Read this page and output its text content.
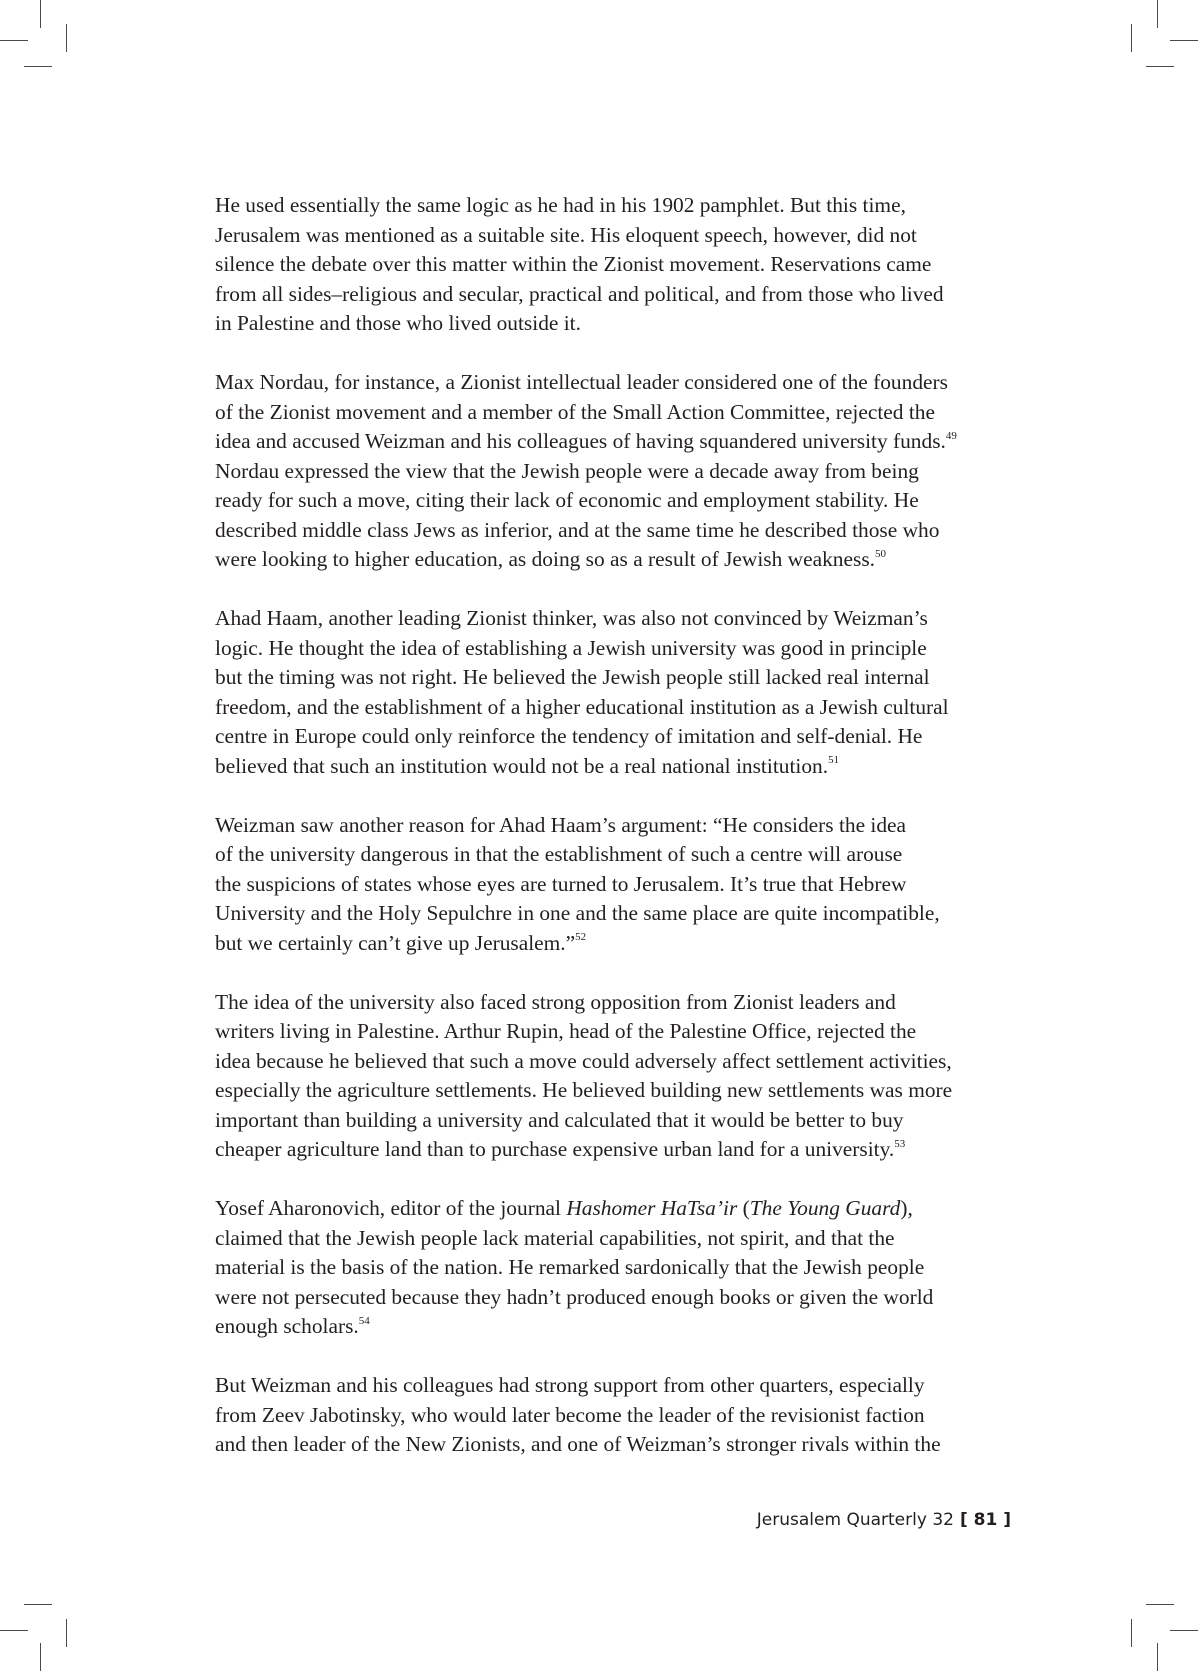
He used essentially the same logic as he had in his 1902 pamphlet. But this time,
Jerusalem was mentioned as a suitable site. His eloquent speech, however, did not
silence the debate over this matter within the Zionist movement. Reservations came
from all sides–religious and secular, practical and political, and from those who lived
in Palestine and those who lived outside it.

Max Nordau, for instance, a Zionist intellectual leader considered one of the founders
of the Zionist movement and a member of the Small Action Committee, rejected the
idea and accused Weizman and his colleagues of having squandered university funds.$^{49}$
Nordau expressed the view that the Jewish people were a decade away from being
ready for such a move, citing their lack of economic and employment stability. He
described middle class Jews as inferior, and at the same time he described those who
were looking to higher education, as doing so as a result of Jewish weakness.$^{50}$

Ahad Haam, another leading Zionist thinker, was also not convinced by Weizman’s
logic. He thought the idea of establishing a Jewish university was good in principle
but the timing was not right. He believed the Jewish people still lacked real internal
freedom, and the establishment of a higher educational institution as a Jewish cultural
centre in Europe could only reinforce the tendency of imitation and self-denial. He
believed that such an institution would not be a real national institution.$^{51}$

Weizman saw another reason for Ahad Haam’s argument: “He considers the idea
of the university dangerous in that the establishment of such a centre will arouse
the suspicions of states whose eyes are turned to Jerusalem. It’s true that Hebrew
University and the Holy Sepulchre in one and the same place are quite incompatible,
but we certainly can’t give up Jerusalem.”$^{52}$

The idea of the university also faced strong opposition from Zionist leaders and
writers living in Palestine. Arthur Rupin, head of the Palestine Office, rejected the
idea because he believed that such a move could adversely affect settlement activities,
especially the agriculture settlements. He believed building new settlements was more
important than building a university and calculated that it would be better to buy
cheaper agriculture land than to purchase expensive urban land for a university.$^{53}$

Yosef Aharonovich, editor of the journal Hashomer HaTsa’ir (The Young Guard),
claimed that the Jewish people lack material capabilities, not spirit, and that the
material is the basis of the nation. He remarked sardonically that the Jewish people
were not persecuted because they hadn’t produced enough books or given the world
enough scholars.$^{54}$

But Weizman and his colleagues had strong support from other quarters, especially
from Zeev Jabotinsky, who would later become the leader of the revisionist faction
and then leader of the New Zionists, and one of Weizman’s stronger rivals within the

Jerusalem Quarterly 32 [ 81 ]
